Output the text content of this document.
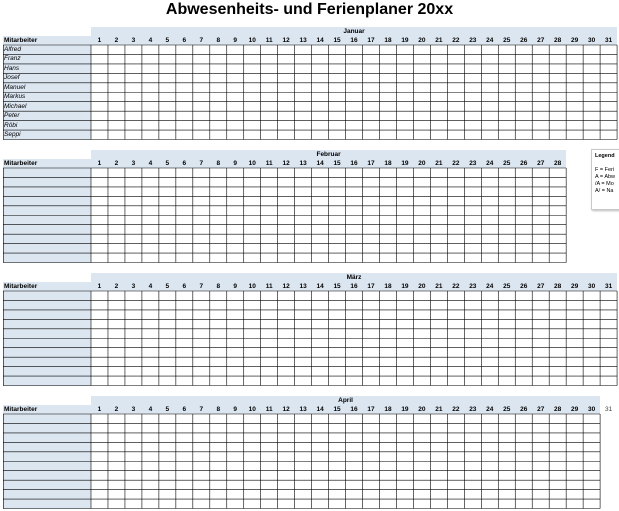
Abwesenheits- und Ferienplaner 20xx
Januar
Mitarbeiter	1	2	3	4	5	6	7	8	9	10	11	12	13	14	15	16	17	18	19	20	21	22	23	24	25	26	27	28	29	30	31
Alfred
Franz
Hans
Josef
Manuel
Markus
Michael
Peter
Röbi
Seppi
Februar
Mitarbeiter	1	2	3	4	5	6	7	8	9	10	11	12	13	14	15	16	17	18	19	20	21	22	23	24	25	26	27	28
März
Mitarbeiter	1	2	3	4	5	6	7	8	9	10	11	12	13	14	15	16	17	18	19	20	21	22	23	24	25	26	27	28	29	30	31
April
Mitarbeiter	1	2	3	4	5	6	7	8	9	10	11	12	13	14	15	16	17	18	19	20	21	22	23	24	25	26	27	28	29	30	31
Legend
F = Feri
A = Abw
/A = Mo
A/ = Na
